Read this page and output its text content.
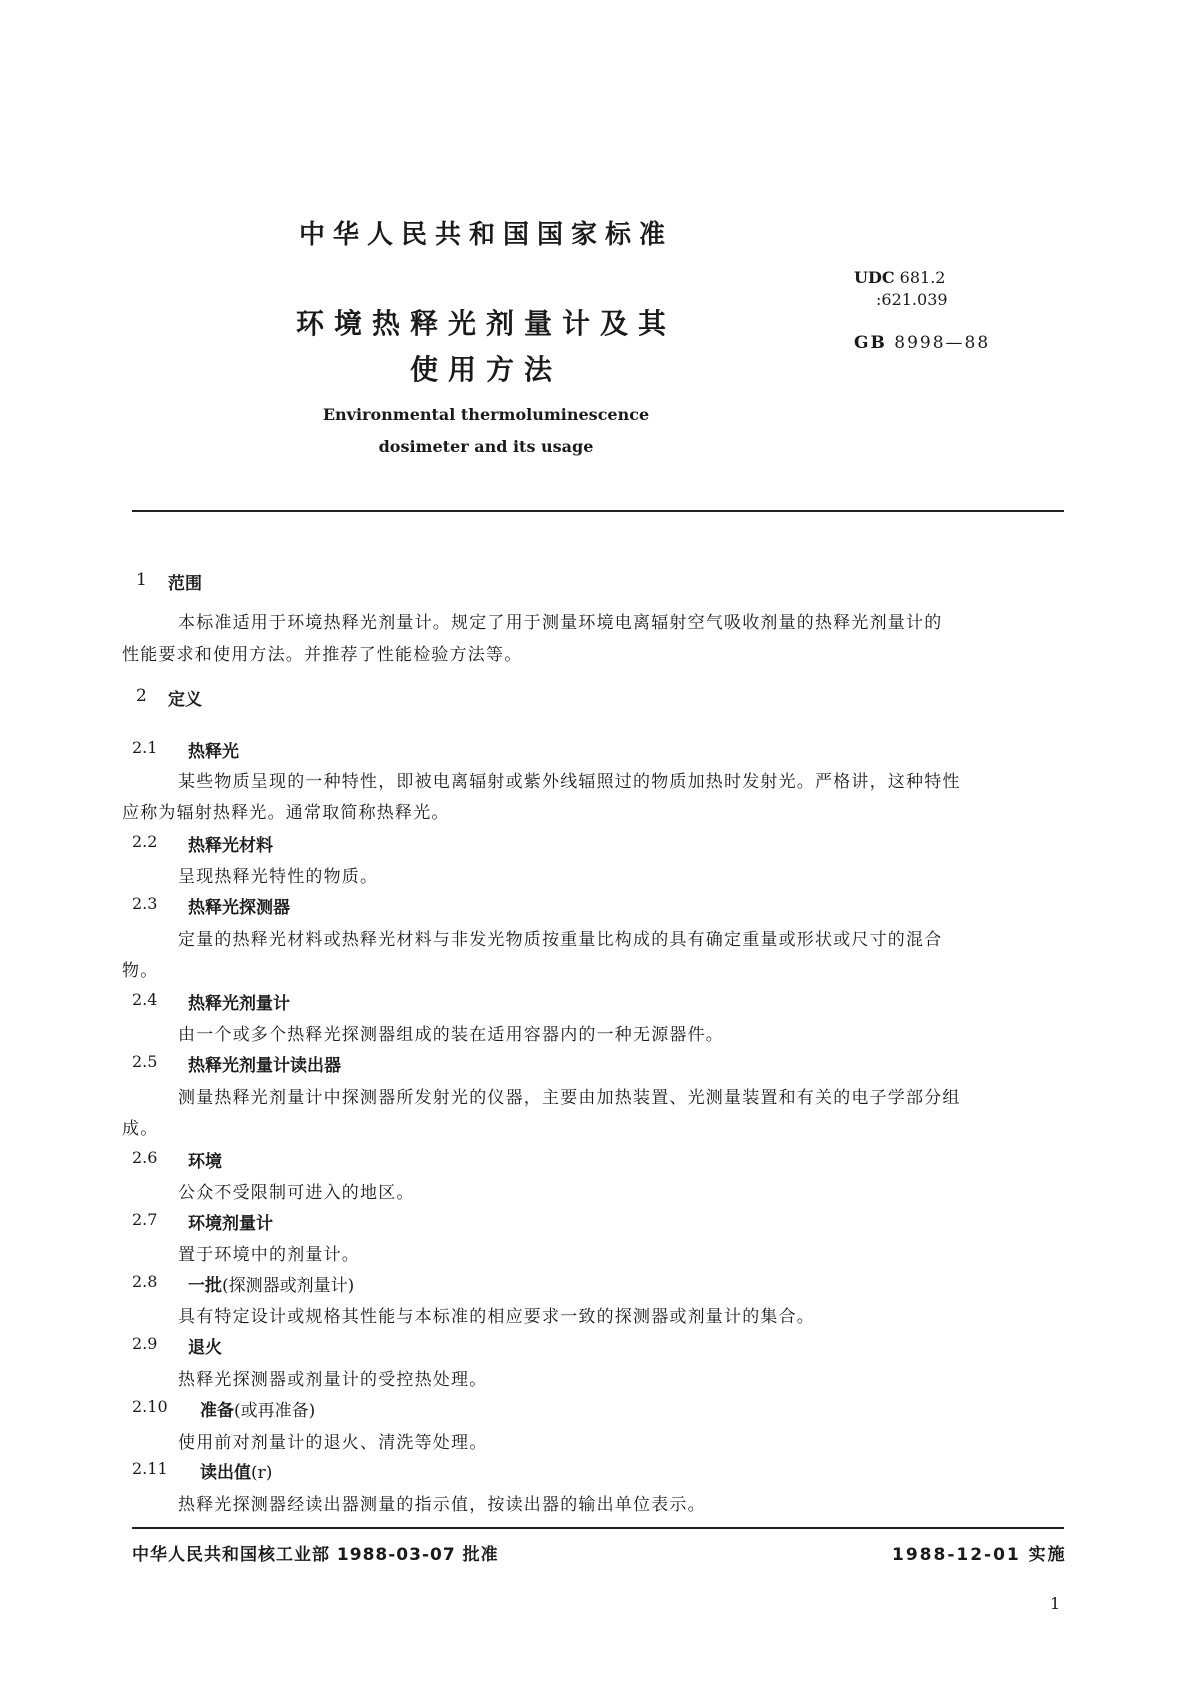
中华人民共和国国家标准
环境热释光剂量计及其
使用方法
Environmental thermoluminescence
dosimeter and its usage
UDC 681.2
:621.039
GB 8998—88
1 范围
本标准适用于环境热释光剂量计。规定了用于测量环境电离辐射空气吸收剂量的热释光剂量计的
性能要求和使用方法。并推荐了性能检验方法等。
2 定义
2.1 热释光
某些物质呈现的一种特性，即被电离辐射或紫外线辐照过的物质加热时发射光。严格讲，这种特性
应称为辐射热释光。通常取简称热释光。
2.2 热释光材料
呈现热释光特性的物质。
2.3 热释光探测器
定量的热释光材料或热释光材料与非发光物质按重量比构成的具有确定重量或形状或尺寸的混合
物。
2.4 热释光剂量计
由一个或多个热释光探测器组成的装在适用容器内的一种无源器件。
2.5 热释光剂量计读出器
测量热释光剂量计中探测器所发射光的仪器，主要由加热装置、光测量装置和有关的电子学部分组
成。
2.6 环境
公众不受限制可进入的地区。
2.7 环境剂量计
置于环境中的剂量计。
2.8 一批(探测器或剂量计)
具有特定设计或规格其性能与本标准的相应要求一致的探测器或剂量计的集合。
2.9 退火
热释光探测器或剂量计的受控热处理。
2.10 准备(或再准备)
使用前对剂量计的退火、清洗等处理。
2.11 读出值(r)
热释光探测器经读出器测量的指示值，按读出器的输出单位表示。
中华人民共和国核工业部 1988-03-07 批准	1988-12-01 实施
1
